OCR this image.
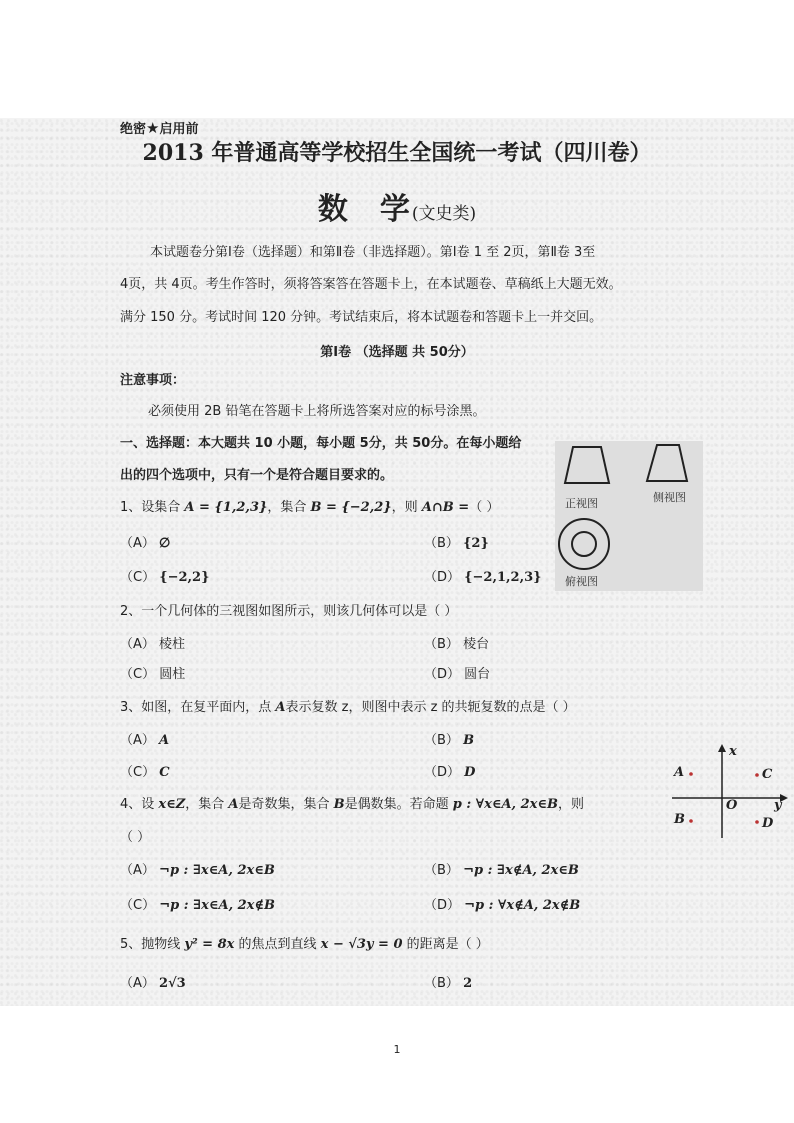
绝密★启用前
2013 年普通高等学校招生全国统一考试（四川卷）
数 学(文史类)
本试题卷分第Ⅰ卷（选择题）和第Ⅱ卷（非选择题）。第Ⅰ卷 1 至 2页，第Ⅱ卷 3至
4页，共 4页。考生作答时，须将答案答在答题卡上，在本试题卷、草稿纸上大题无效。
满分 150 分。考试时间 120 分钟。考试结束后，将本试题卷和答题卡上一并交回。
第Ⅰ卷 （选择题 共 50分）
注意事项：
必须使用 2B 铅笔在答题卡上将所选答案对应的标号涂黑。
一、选择题：本大题共 10 小题，每小题 5分，共 50分。在每小题给
出的四个选项中，只有一个是符合题目要求的。
正视图	侧视图
俯视图
1、设集合 A = {1,2,3}，集合 B = {−2,2}，则 A∩B =（ ）
（A） ∅	（B） {2}
（C） {−2,2}	（D） {−2,1,2,3}
2、一个几何体的三视图如图所示，则该几何体可以是（ ）
（A） 棱柱	（B） 棱台
（C） 圆柱	（D） 圆台
3、如图，在复平面内，点 A表示复数 z，则图中表示 z 的共轭复数的点是（ ）
（A） A	（B） B
（C） C	（D） D
x
y
O
A	C
B	D
4、设 x∈Z，集合 A是奇数集，集合 B是偶数集。若命题 p : ∀x∈A, 2x∈B，则
（ ）
（A） ¬p : ∃x∈A, 2x∈B	（B） ¬p : ∃x∉A, 2x∈B
（C） ¬p : ∃x∈A, 2x∉B	（D） ¬p : ∀x∉A, 2x∉B
5、抛物线 y² = 8x 的焦点到直线 x − √3y = 0 的距离是（ ）
（A） 2√3	（B） 2
1
